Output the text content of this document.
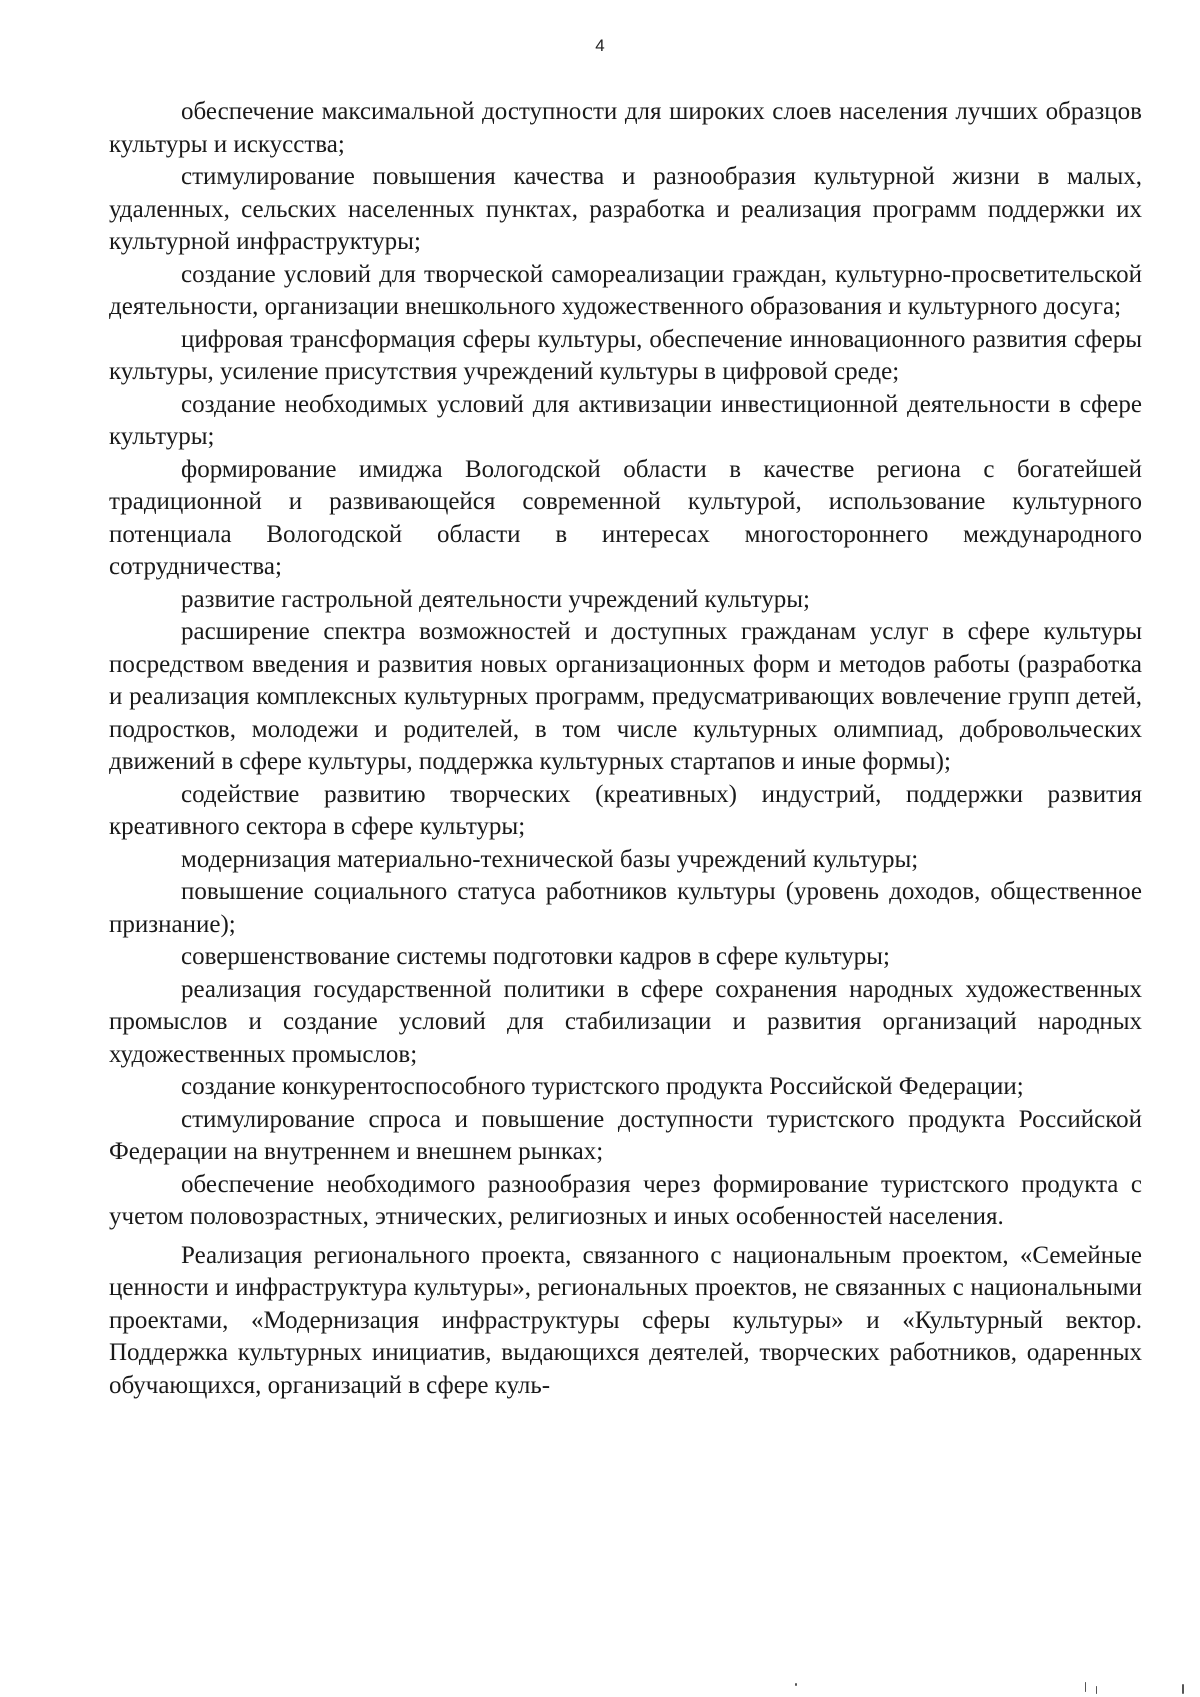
4

обеспечение максимальной доступности для широких слоев населения лучших образцов культуры и искусства;

стимулирование повышения качества и разнообразия культурной жизни в малых, удаленных, сельских населенных пунктах, разработка и реализация программ поддержки их культурной инфраструктуры;

создание условий для творческой самореализации граждан, культурно-просветительской деятельности, организации внешкольного художественного образования и культурного досуга;

цифровая трансформация сферы культуры, обеспечение инновационного развития сферы культуры, усиление присутствия учреждений культуры в цифровой среде;

создание необходимых условий для активизации инвестиционной деятельности в сфере культуры;

формирование имиджа Вологодской области в качестве региона с богатейшей традиционной и развивающейся современной культурой, использование культурного потенциала Вологодской области в интересах многостороннего международного сотрудничества;

развитие гастрольной деятельности учреждений культуры;

расширение спектра возможностей и доступных гражданам услуг в сфере культуры посредством введения и развития новых организационных форм и методов работы (разработка и реализация комплексных культурных программ, предусматривающих вовлечение групп детей, подростков, молодежи и родителей, в том числе культурных олимпиад, добровольческих движений в сфере культуры, поддержка культурных стартапов и иные формы);

содействие развитию творческих (креативных) индустрий, поддержки развития креативного сектора в сфере культуры;

модернизация материально-технической базы учреждений культуры;

повышение социального статуса работников культуры (уровень доходов, общественное признание);

совершенствование системы подготовки кадров в сфере культуры;

реализация государственной политики в сфере сохранения народных художественных промыслов и создание условий для стабилизации и развития организаций народных художественных промыслов;

создание конкурентоспособного туристского продукта Российской Федерации;

стимулирование спроса и повышение доступности туристского продукта Российской Федерации на внутреннем и внешнем рынках;

обеспечение необходимого разнообразия через формирование туристского продукта с учетом половозрастных, этнических, религиозных и иных особенностей населения.

Реализация регионального проекта, связанного с национальным проектом, «Семейные ценности и инфраструктура культуры», региональных проектов, не связанных с национальными проектами, «Модернизация инфраструктуры сферы культуры» и «Культурный вектор. Поддержка культурных инициатив, выдающихся деятелей, творческих работников, одаренных обучающихся, организаций в сфере куль-
